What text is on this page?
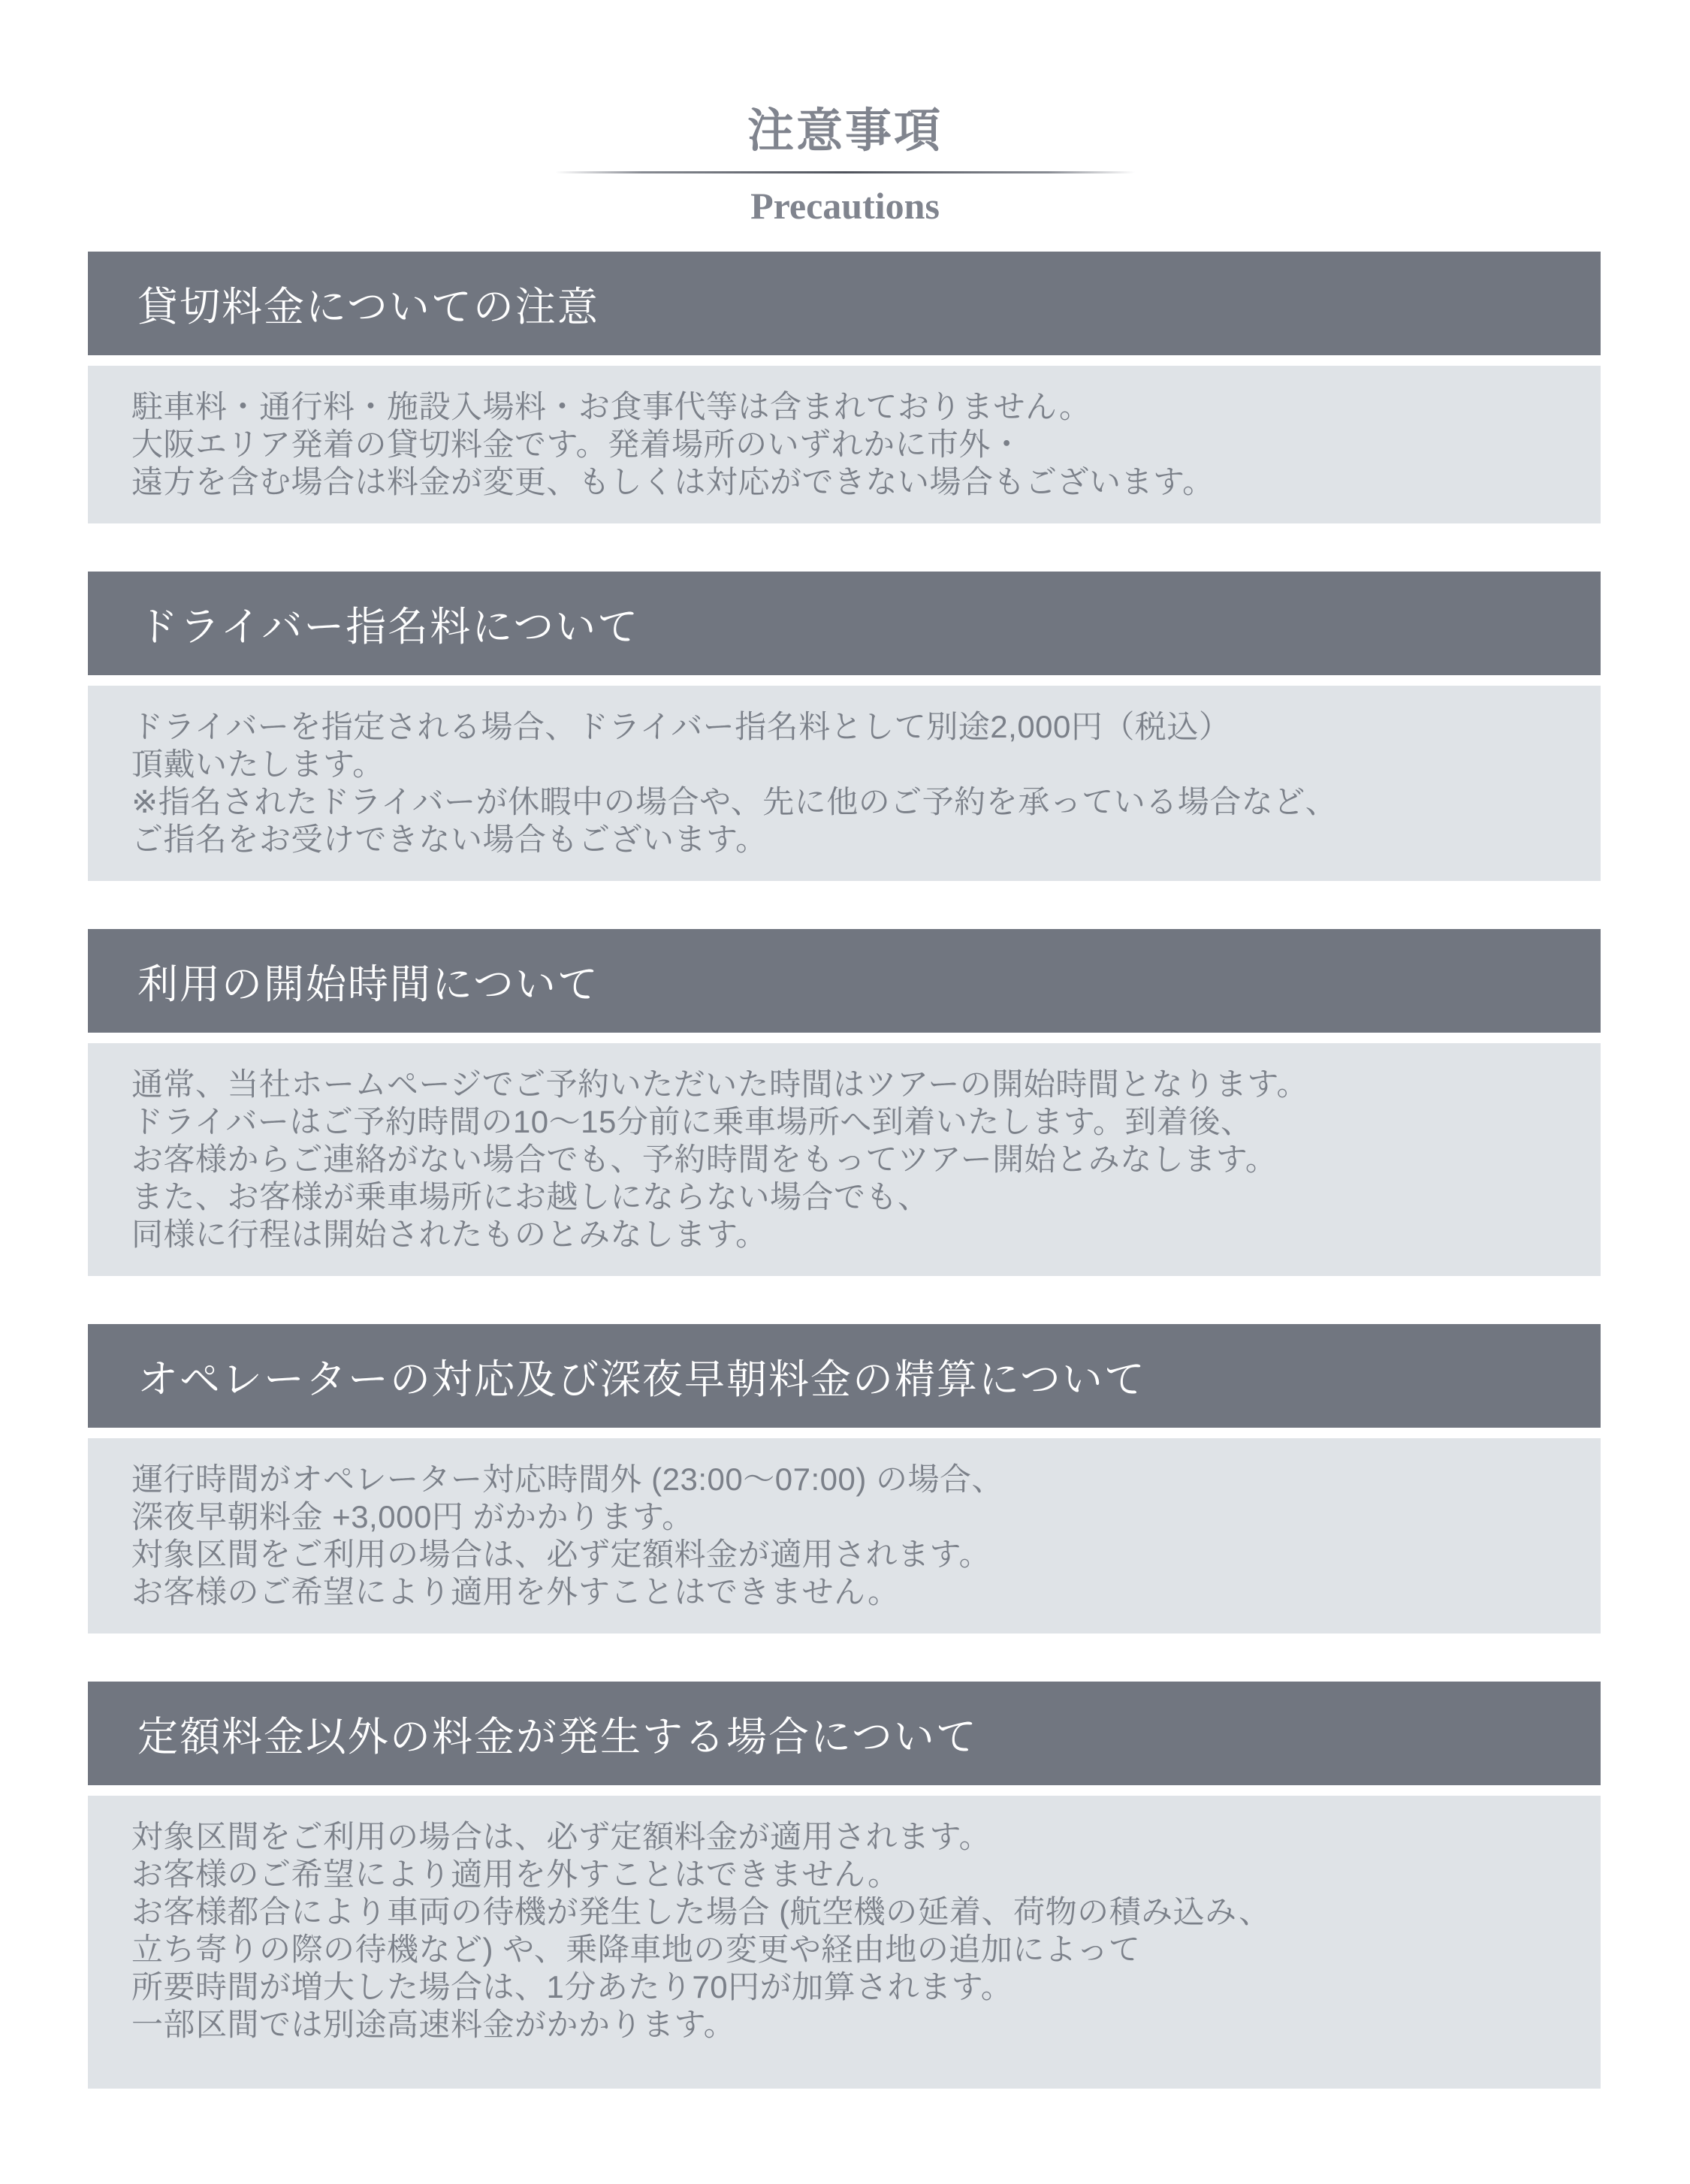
注意事項
Precautions
貸切料金についての注意
駐車料・通行料・施設入場料・お食事代等は含まれておりません。
大阪エリア発着の貸切料金です。発着場所のいずれかに市外・
遠方を含む場合は料金が変更、もしくは対応ができない場合もございます。
ドライバー指名料について
ドライバーを指定される場合、ドライバー指名料として別途2,000円（税込）
頂戴いたします。
※指名されたドライバーが休暇中の場合や、先に他のご予約を承っている場合など、
ご指名をお受けできない場合もございます。
利用の開始時間について
通常、当社ホームページでご予約いただいた時間はツアーの開始時間となります。
ドライバーはご予約時間の10～15分前に乗車場所へ到着いたします。到着後、
お客様からご連絡がない場合でも、予約時間をもってツアー開始とみなします。
また、お客様が乗車場所にお越しにならない場合でも、
同様に行程は開始されたものとみなします。
オペレーターの対応及び深夜早朝料金の精算について
運行時間がオペレーター対応時間外 (23:00～07:00) の場合、
深夜早朝料金 +3,000円 がかかります。
対象区間をご利用の場合は、必ず定額料金が適用されます。
お客様のご希望により適用を外すことはできません。
定額料金以外の料金が発生する場合について
対象区間をご利用の場合は、必ず定額料金が適用されます。
お客様のご希望により適用を外すことはできません。
お客様都合により車両の待機が発生した場合 (航空機の延着、荷物の積み込み、
立ち寄りの際の待機など) や、乗降車地の変更や経由地の追加によって
所要時間が増大した場合は、1分あたり70円が加算されます。
一部区間では別途高速料金がかかります。
